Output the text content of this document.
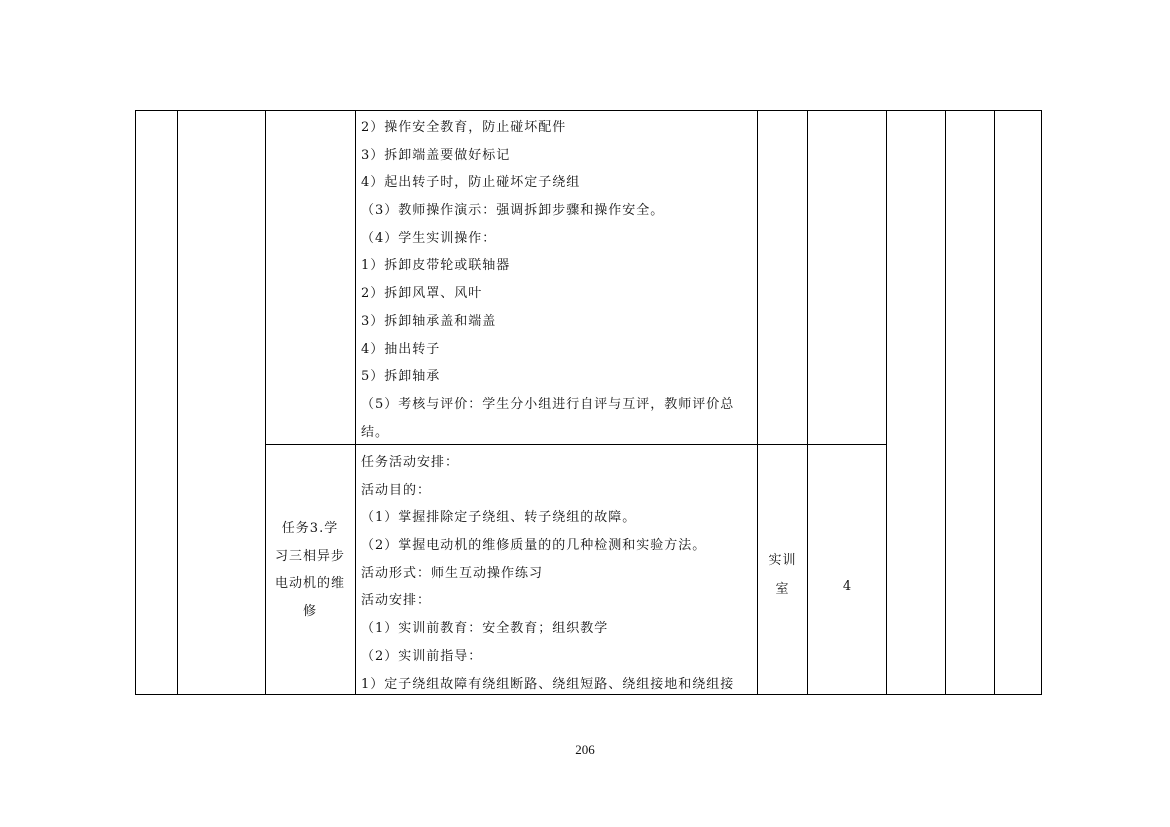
2）操作安全教育，防止碰坏配件
3）拆卸端盖要做好标记
4）起出转子时，防止碰坏定子绕组
（3）教师操作演示：强调拆卸步骤和操作安全。
（4）学生实训操作：
1）拆卸皮带轮或联轴器
2）拆卸风罩、风叶
3）拆卸轴承盖和端盖
4）抽出转子
5）拆卸轴承
（5）考核与评价：学生分小组进行自评与互评，教师评价总
结。
任务3.学
习三相异步
电动机的维
修
任务活动安排：
活动目的：
（1）掌握排除定子绕组、转子绕组的故障。
（2）掌握电动机的维修质量的的几种检测和实验方法。
活动形式：师生互动操作练习
活动安排：
（1）实训前教育：安全教育；组织教学
（2）实训前指导：
1）定子绕组故障有绕组断路、绕组短路、绕组接地和绕组接
实训
室	4
206
